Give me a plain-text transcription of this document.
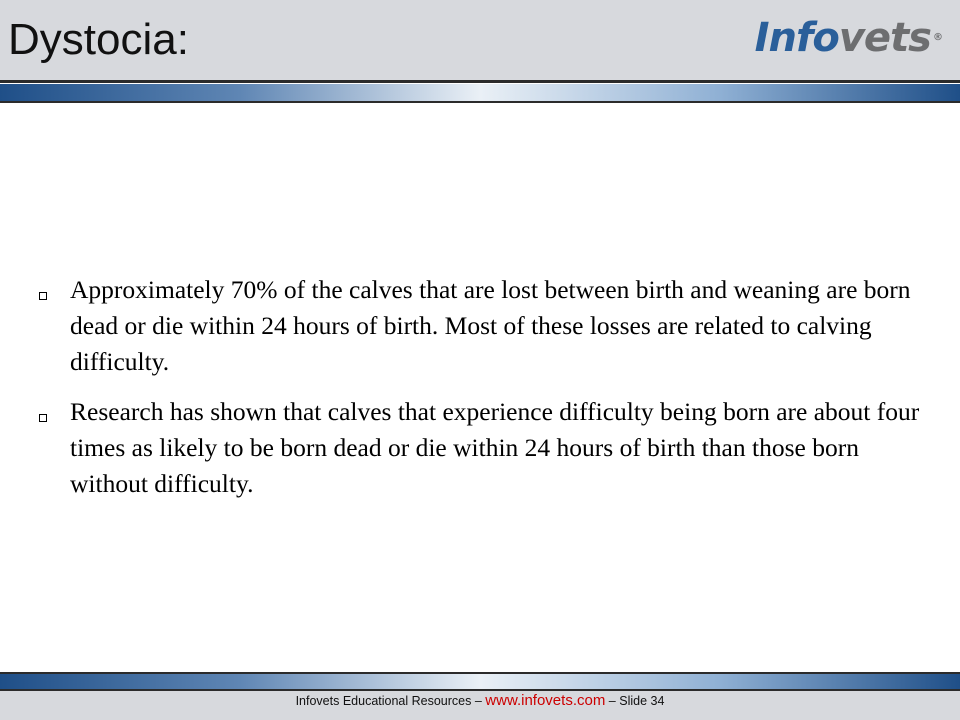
Dystocia:	Infovets ®
Approximately 70% of the calves that are lost between birth and weaning are born dead or die within 24 hours of birth. Most of these losses are related to calving difficulty.
Research has shown that calves that experience difficulty being born are about four times as likely to be born dead or die within 24 hours of birth than those born without difficulty.
Infovets Educational Resources – www.infovets.com – Slide 34
